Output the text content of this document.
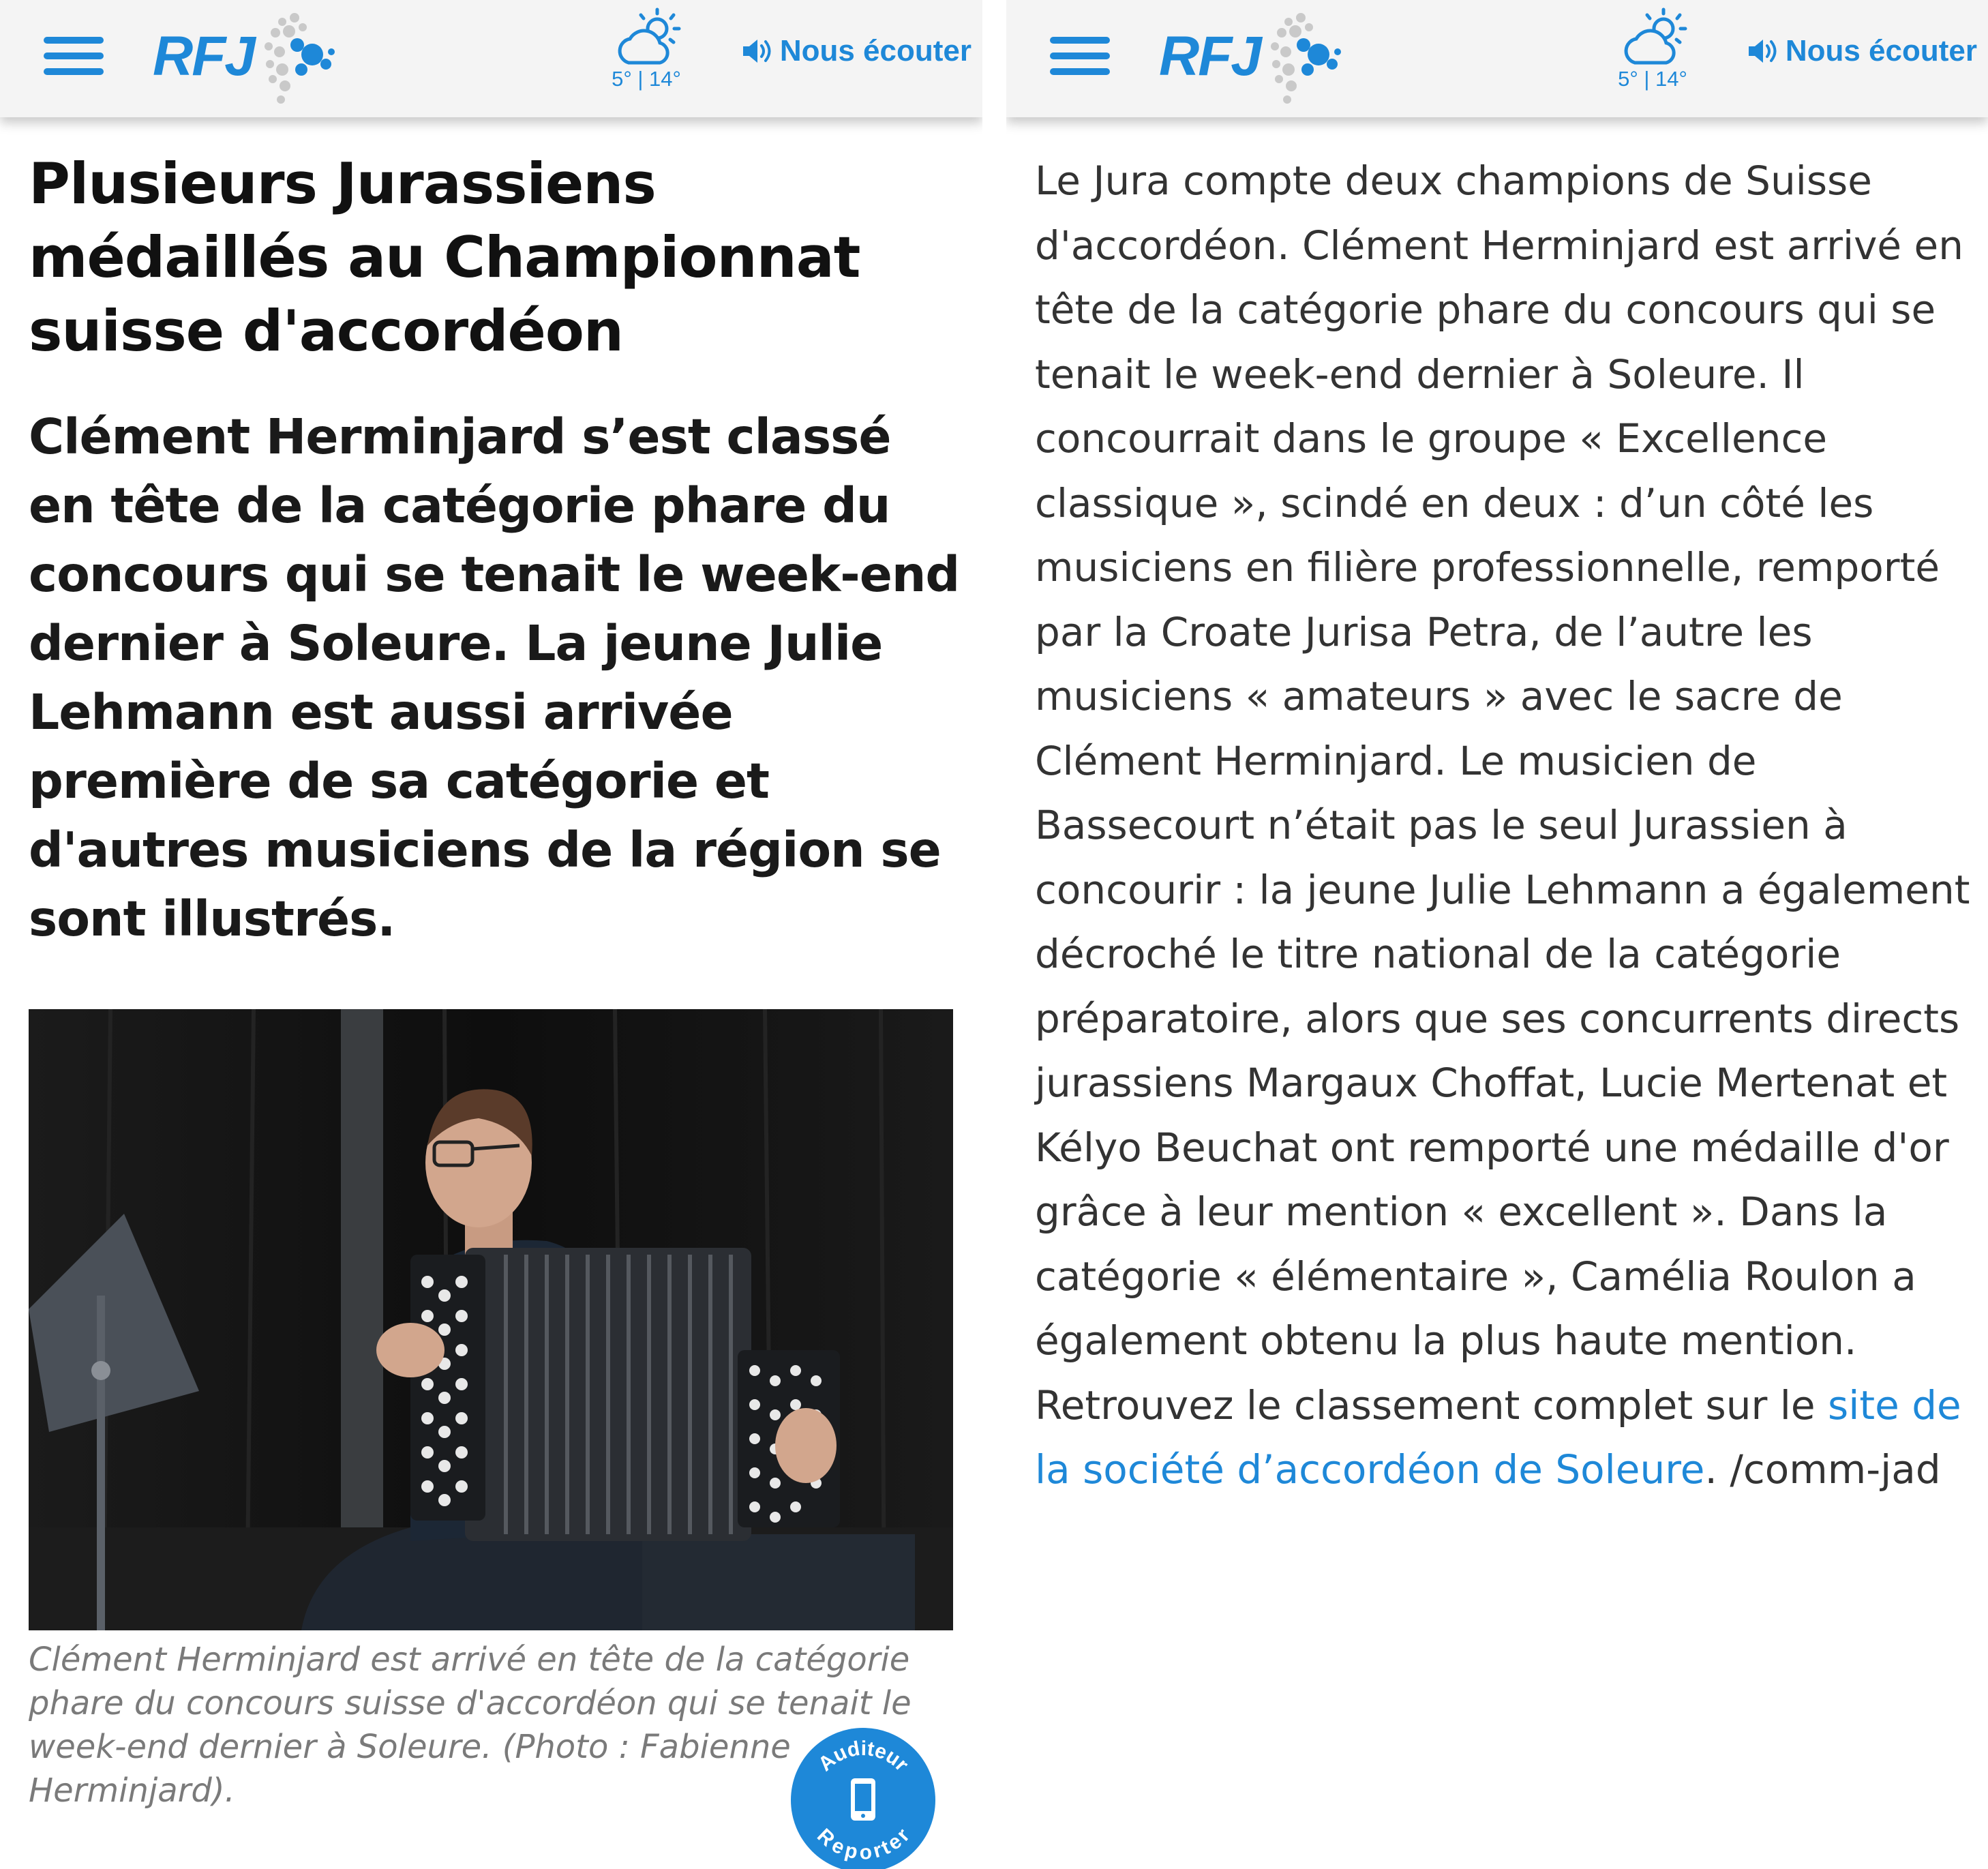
RFJ	5° | 14°
Nous écouter
Plusieurs Jurassiens médaillés au Championnat suisse d'accordéon

Clément Herminjard s’est classé en tête de la catégorie phare du concours qui se tenait le week-end dernier à Soleure. La jeune Julie Lehmann est aussi arrivée première de sa catégorie et d'autres musiciens de la région se sont illustrés.

Clément Herminjard est arrivé en tête de la catégorie phare du concours suisse d'accordéon qui se tenait le week-end dernier à Soleure. (Photo : Fabienne Herminjard).

Auditeur
Reporter
RFJ	5° | 14°
Nous écouter

Le Jura compte deux champions de Suisse d'accordéon. Clément Herminjard est arrivé en tête de la catégorie phare du concours qui se tenait le week-end dernier à Soleure. Il concourrait dans le groupe « Excellence classique », scindé en deux : d’un côté les musiciens en filière professionnelle, remporté par la Croate Jurisa Petra, de l’autre les musiciens « amateurs » avec le sacre de Clément Herminjard. Le musicien de Bassecourt n’était pas le seul Jurassien à concourir : la jeune Julie Lehmann a également décroché le titre national de la catégorie préparatoire, alors que ses concurrents directs jurassiens Margaux Choffat, Lucie Mertenat et Kélyo Beuchat ont remporté une médaille d'or grâce à leur mention « excellent ». Dans la catégorie « élémentaire », Camélia Roulon a également obtenu la plus haute mention. Retrouvez le classement complet sur le site de la société d’accordéon de Soleure. /comm-jad
